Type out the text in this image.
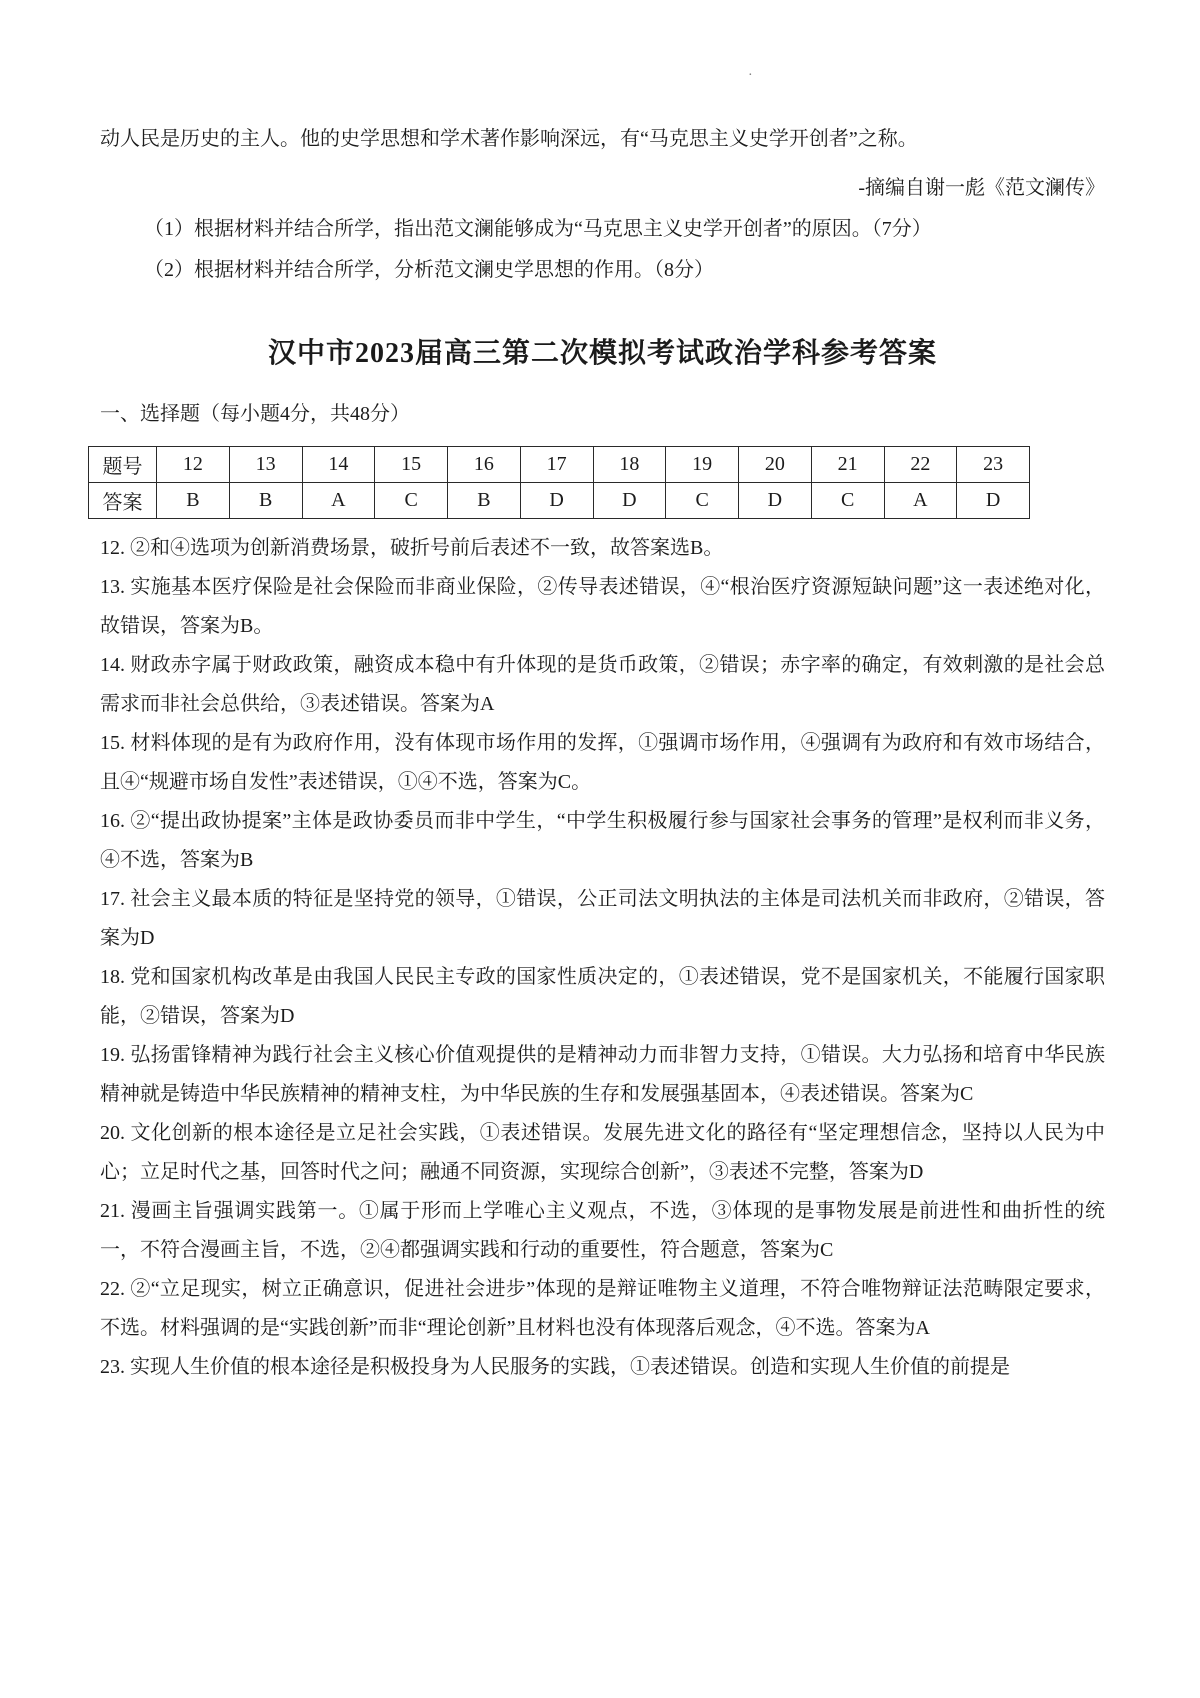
·

动人民是历史的主人。他的史学思想和学术著作影响深远，有“马克思主义史学开创者”之称。

-摘编自谢一彪《范文澜传》

（1）根据材料并结合所学，指出范文澜能够成为“马克思主义史学开创者”的原因。（7分）

（2）根据材料并结合所学，分析范文澜史学思想的作用。（8分）

汉中市2023届高三第二次模拟考试政治学科参考答案

一、选择题（每小题4分，共48分）

题号	12	13	14	15	16	17	18	19	20	21	22	23
答案	B	B	A	C	B	D	D	C	D	C	A	D

12. ②和④选项为创新消费场景，破折号前后表述不一致，故答案选B。

13. 实施基本医疗保险是社会保险而非商业保险，②传导表述错误，④“根治医疗资源短缺问题”这一表述绝对化，故错误，答案为B。

14. 财政赤字属于财政政策，融资成本稳中有升体现的是货币政策，②错误；赤字率的确定，有效刺激的是社会总需求而非社会总供给，③表述错误。答案为A

15. 材料体现的是有为政府作用，没有体现市场作用的发挥，①强调市场作用，④强调有为政府和有效市场结合，且④“规避市场自发性”表述错误，①④不选，答案为C。

16. ②“提出政协提案”主体是政协委员而非中学生，“中学生积极履行参与国家社会事务的管理”是权利而非义务，④不选，答案为B

17. 社会主义最本质的特征是坚持党的领导，①错误，公正司法文明执法的主体是司法机关而非政府，②错误，答案为D

18. 党和国家机构改革是由我国人民民主专政的国家性质决定的，①表述错误，党不是国家机关，不能履行国家职能，②错误，答案为D

19. 弘扬雷锋精神为践行社会主义核心价值观提供的是精神动力而非智力支持，①错误。大力弘扬和培育中华民族精神就是铸造中华民族精神的精神支柱，为中华民族的生存和发展强基固本，④表述错误。答案为C

20. 文化创新的根本途径是立足社会实践，①表述错误。发展先进文化的路径有“坚定理想信念，坚持以人民为中心；立足时代之基，回答时代之问；融通不同资源，实现综合创新”，③表述不完整，答案为D

21. 漫画主旨强调实践第一。①属于形而上学唯心主义观点，不选，③体现的是事物发展是前进性和曲折性的统一，不符合漫画主旨，不选，②④都强调实践和行动的重要性，符合题意，答案为C

22. ②“立足现实，树立正确意识，促进社会进步”体现的是辩证唯物主义道理，不符合唯物辩证法范畴限定要求，不选。材料强调的是“实践创新”而非“理论创新”且材料也没有体现落后观念，④不选。答案为A

23. 实现人生价值的根本途径是积极投身为人民服务的实践，①表述错误。创造和实现人生价值的前提是
